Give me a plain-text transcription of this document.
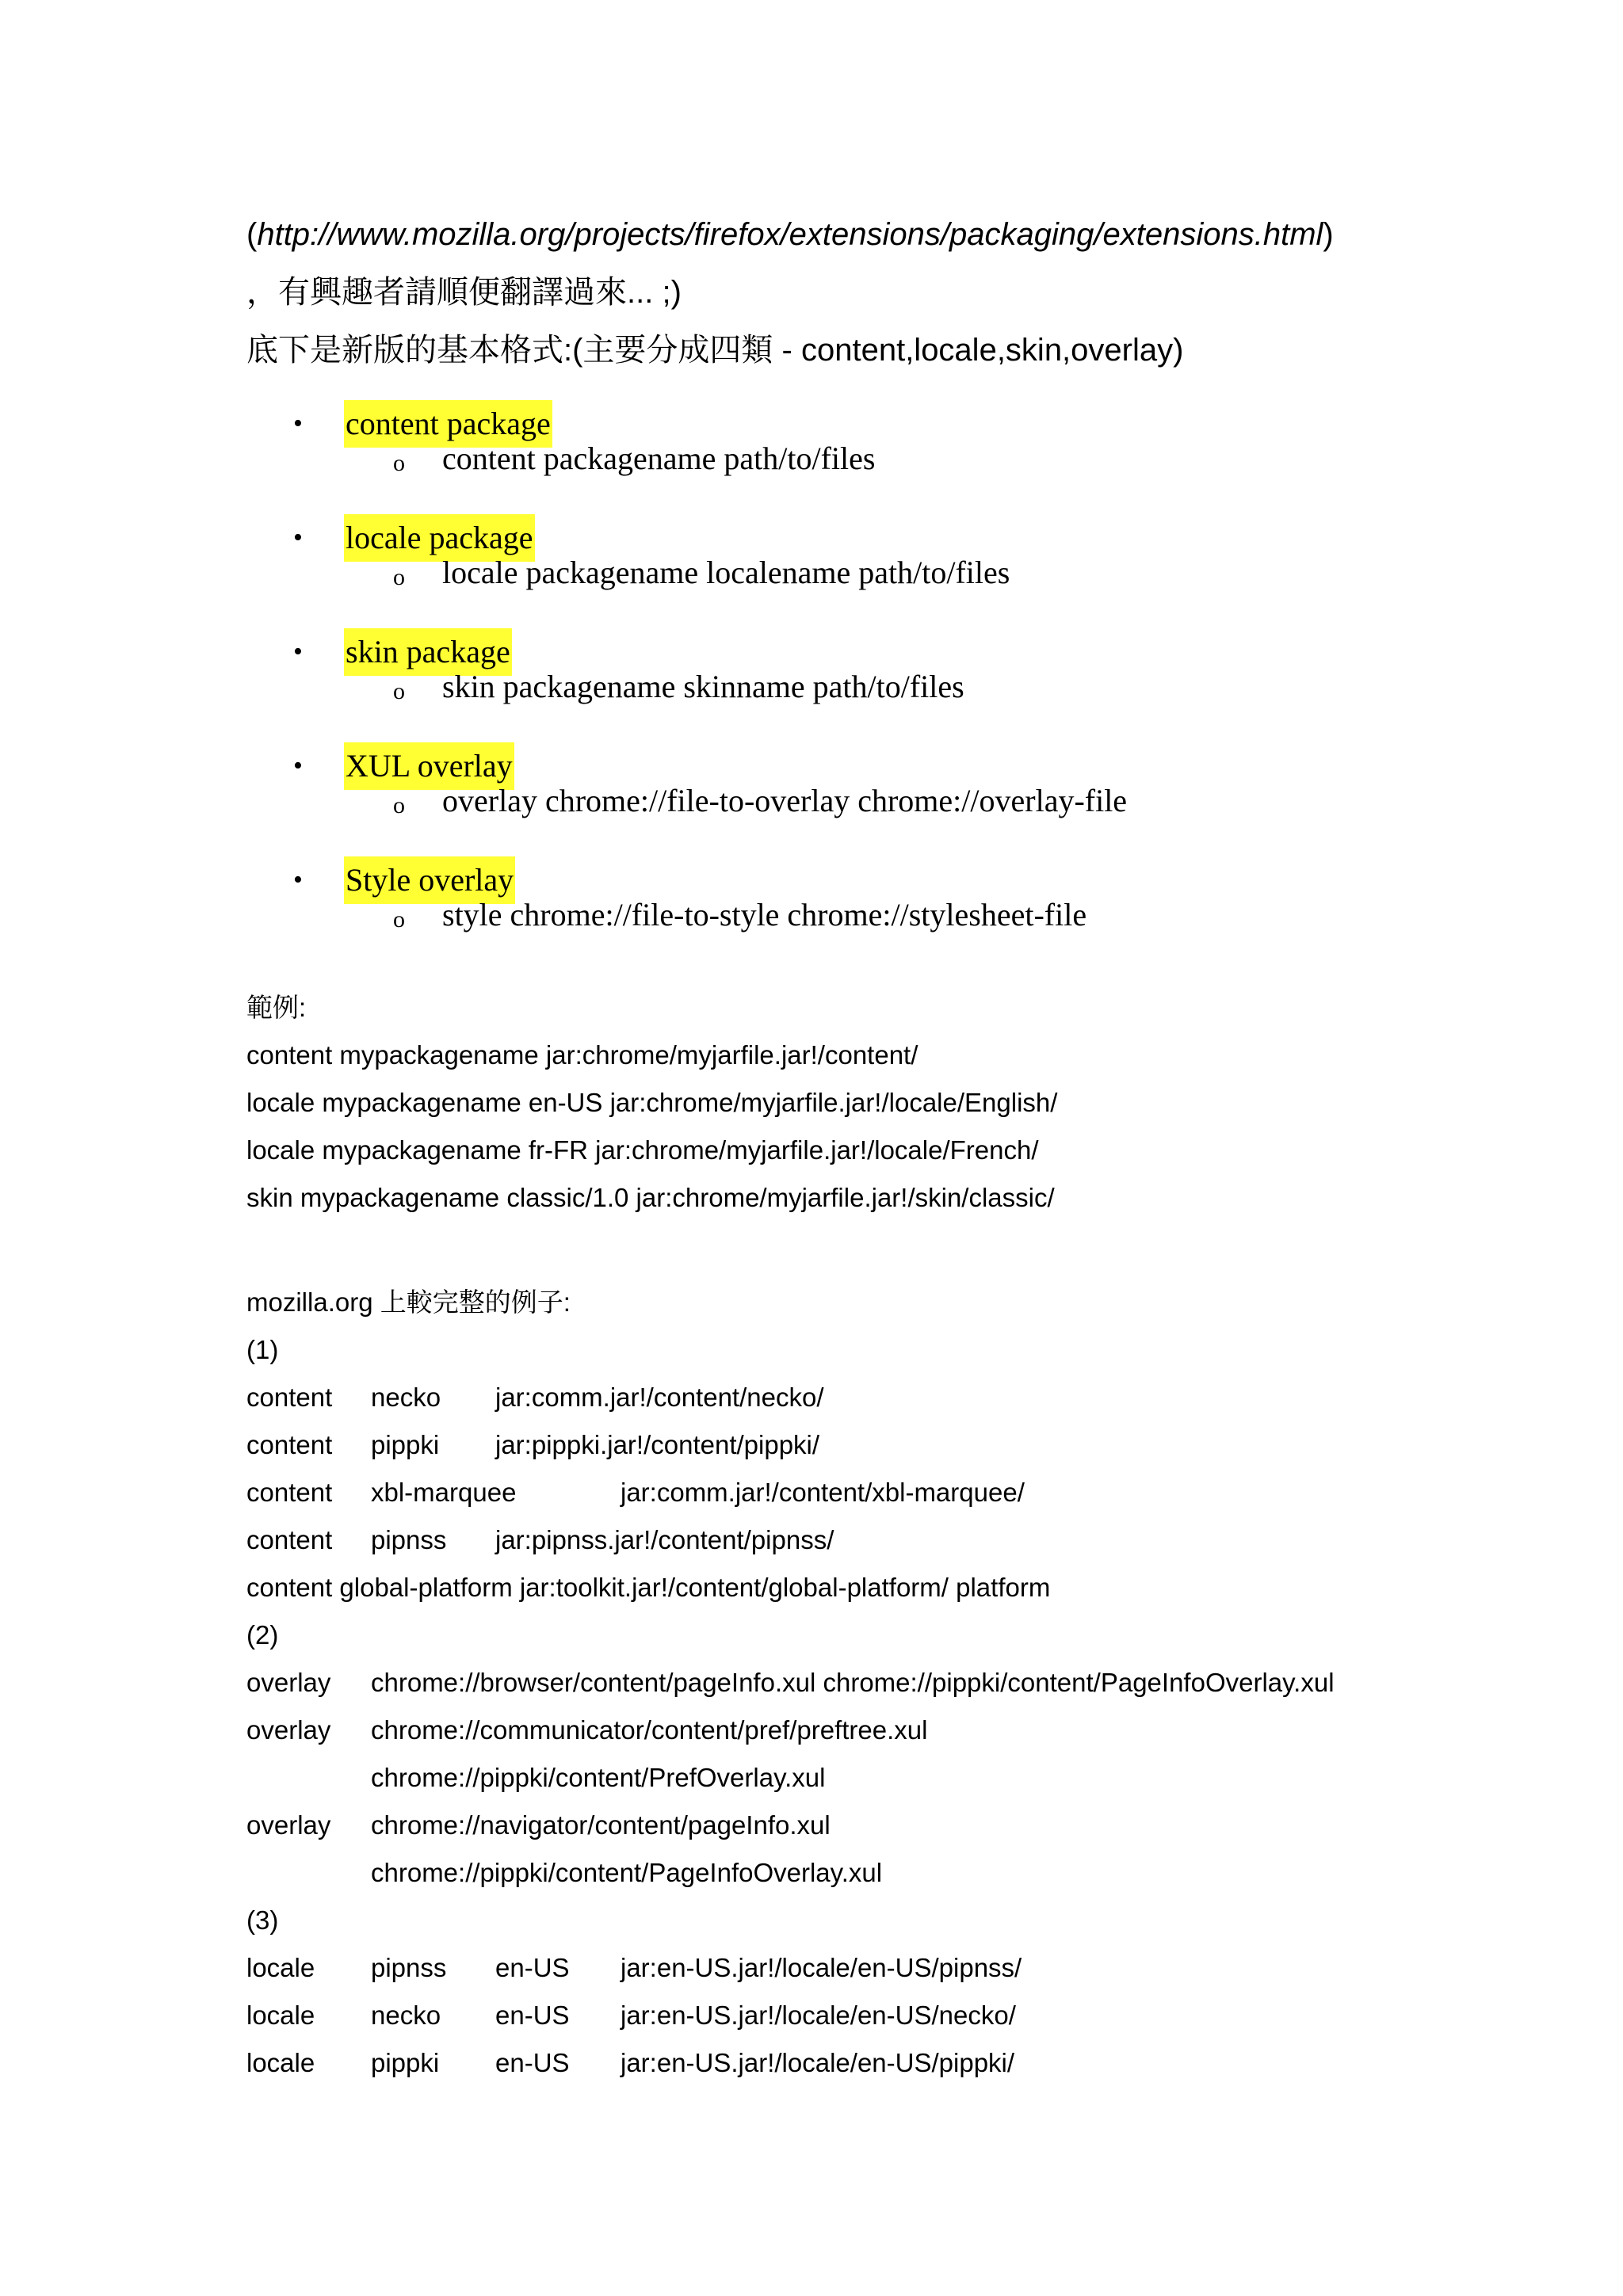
(http://www.mozilla.org/projects/firefox/extensions/packaging/extensions.html)
，有興趣者請順便翻譯過來... ;)
底下是新版的基本格式:(主要分成四類 - content,locale,skin,overlay)
• content package
o content packagename path/to/files
• locale package
o locale packagename localename path/to/files
• skin package
o skin packagename skinname path/to/files
• XUL overlay
o overlay chrome://file-to-overlay chrome://overlay-file
• Style overlay
o style chrome://file-to-style chrome://stylesheet-file
範例:
content mypackagename jar:chrome/myjarfile.jar!/content/
locale mypackagename en-US jar:chrome/myjarfile.jar!/locale/English/
locale mypackagename fr-FR jar:chrome/myjarfile.jar!/locale/French/
skin mypackagename classic/1.0 jar:chrome/myjarfile.jar!/skin/classic/
mozilla.org 上較完整的例子:
(1)
content necko jar:comm.jar!/content/necko/
content pippki jar:pippki.jar!/content/pippki/
content xbl-marquee	jar:comm.jar!/content/xbl-marquee/
content pipnss jar:pipnss.jar!/content/pipnss/
content global-platform jar:toolkit.jar!/content/global-platform/ platform
(2)
overlay chrome://browser/content/pageInfo.xul chrome://pippki/content/PageInfoOverlay.xul
overlay chrome://communicator/content/pref/preftree.xul
chrome://pippki/content/PrefOverlay.xul
overlay chrome://navigator/content/pageInfo.xul
chrome://pippki/content/PageInfoOverlay.xul
(3)
locale pipnss en-US jar:en-US.jar!/locale/en-US/pipnss/
locale necko en-US jar:en-US.jar!/locale/en-US/necko/
locale pippki en-US jar:en-US.jar!/locale/en-US/pippki/
